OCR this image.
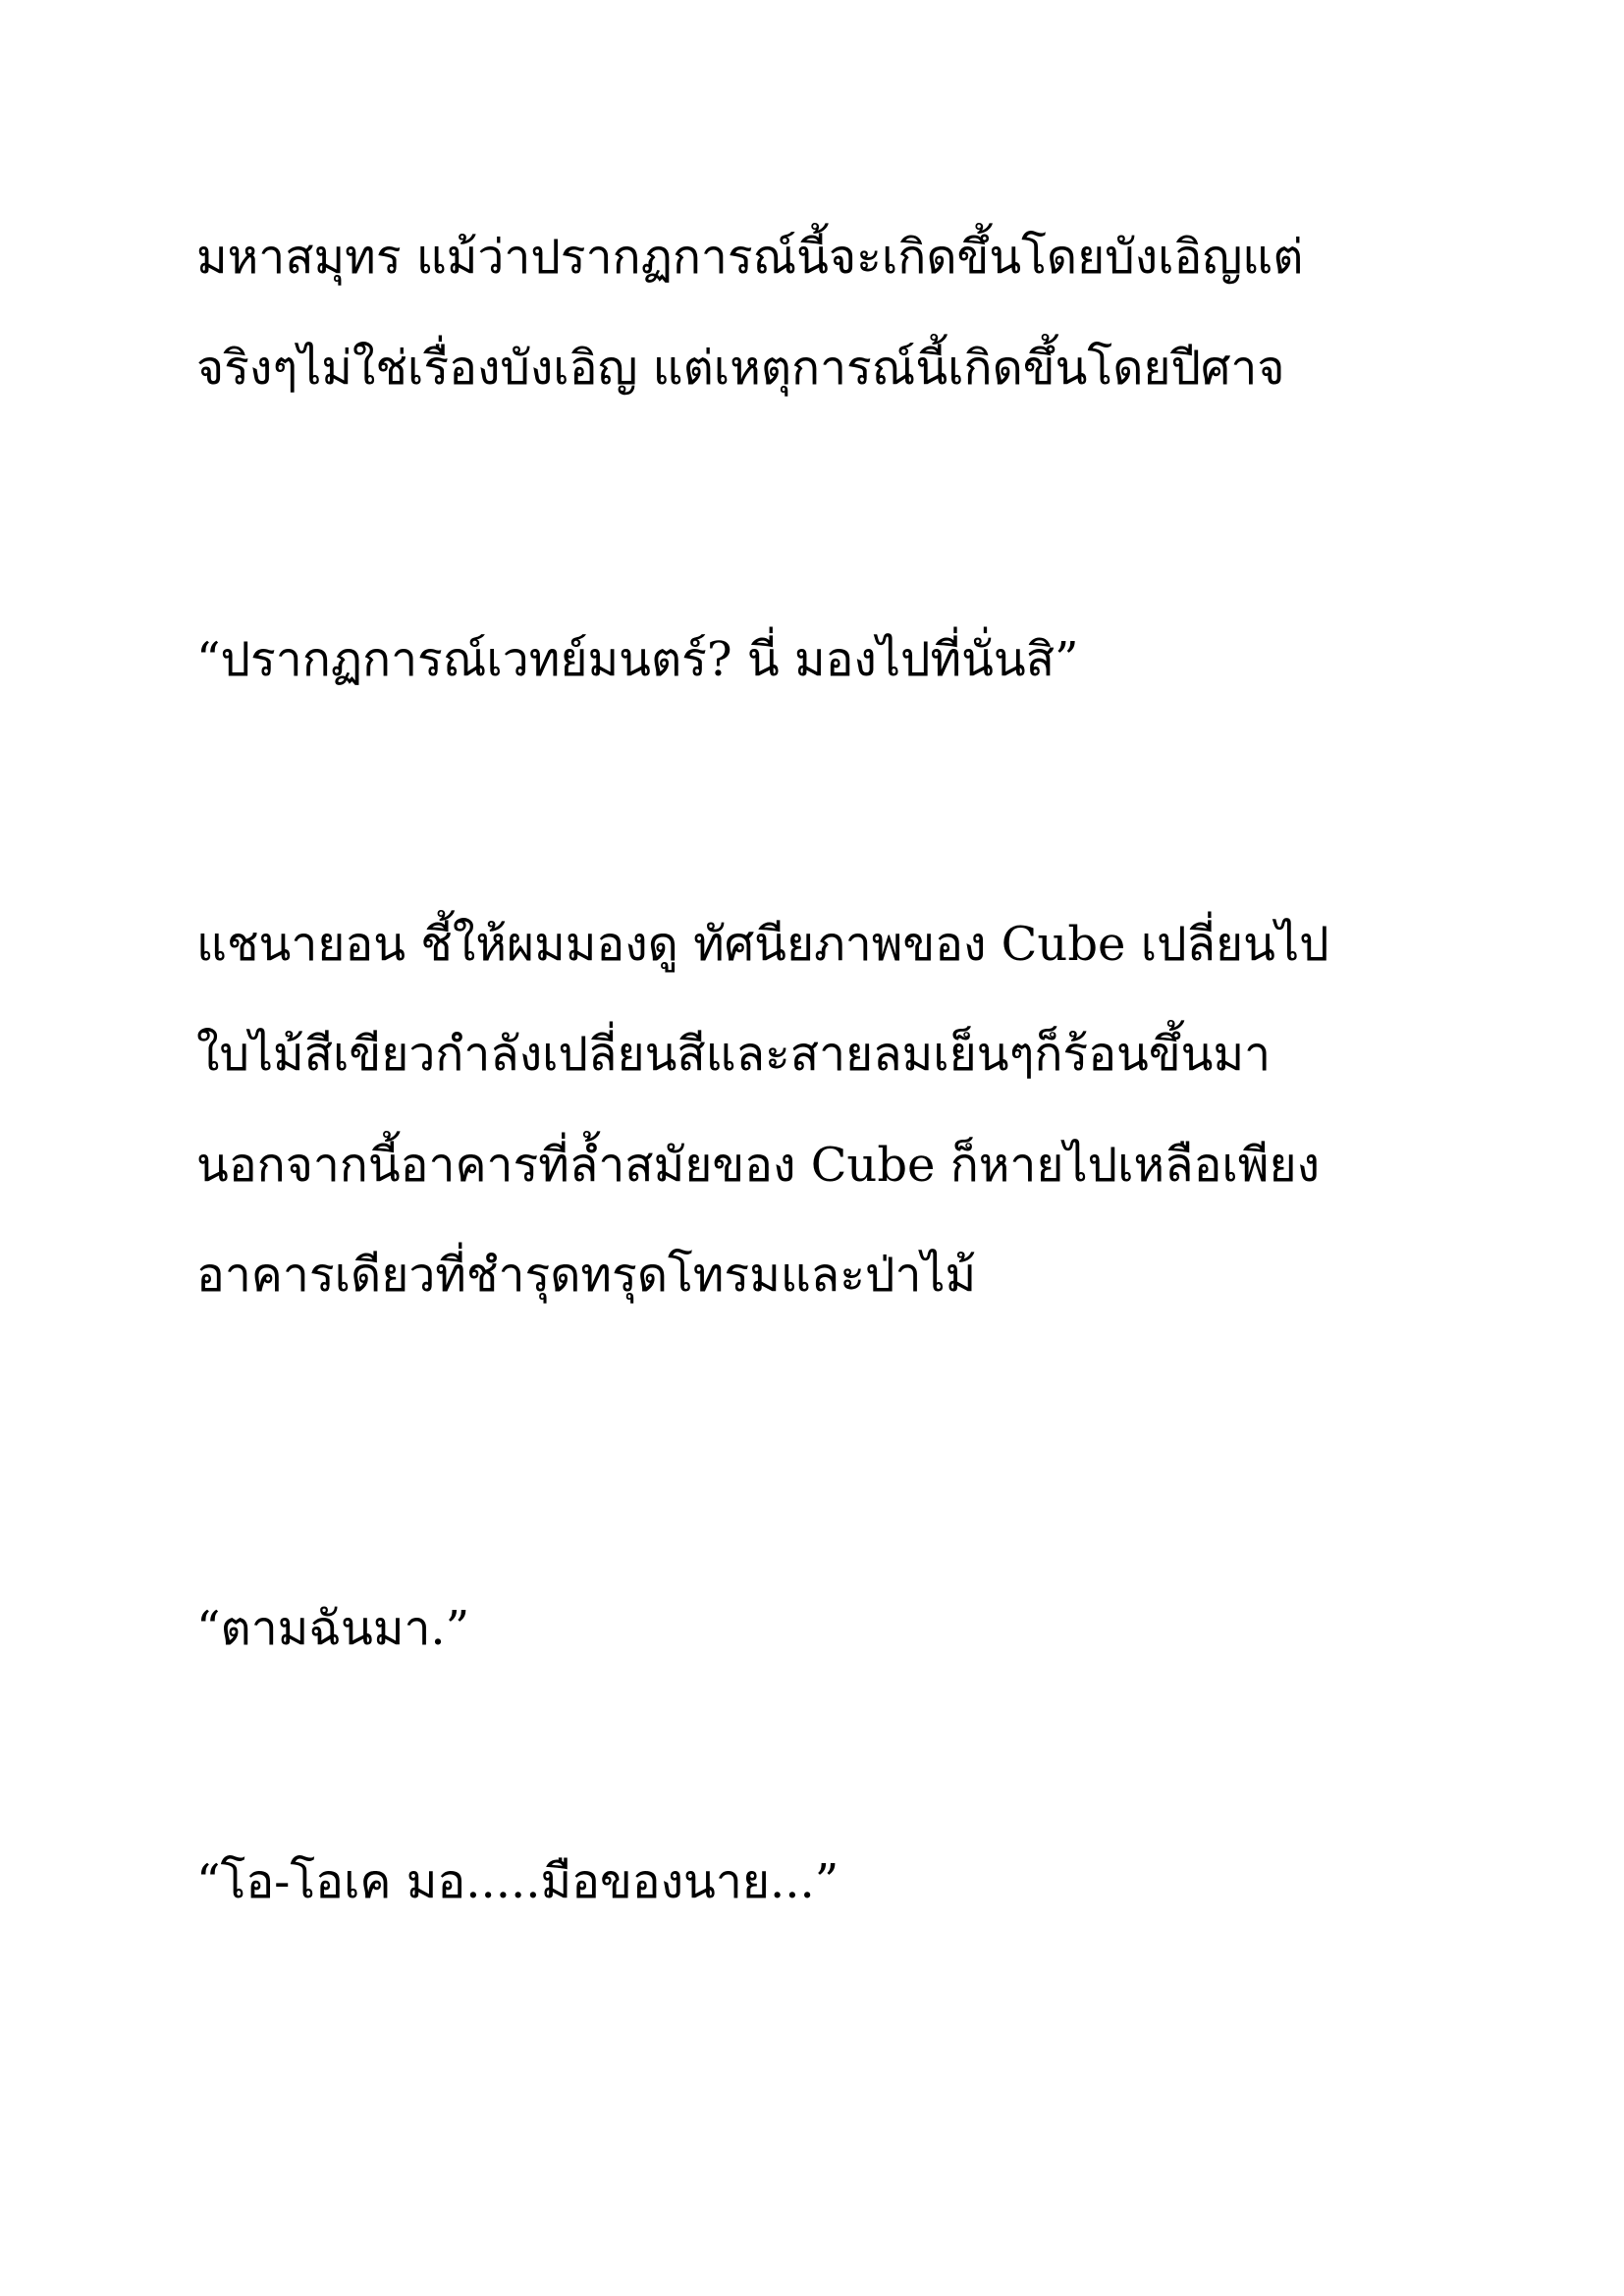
มหาสมุทร แม้ว่าปรากฏการณ์นี้จะเกิดขึ้นโดยบังเอิญแต่
จริงๆไม่ใช่เรื่องบังเอิญ แต่เหตุการณ์นี้เกิดขึ้นโดยปีศาจ
“ปรากฏการณ์เวทย์มนตร์? นี่ มองไปที่นั่นสิ”
แชนายอน ชี้ให้ผมมองดู ทัศนียภาพของ Cube เปลี่ยนไป
ใบไม้สีเขียวกำลังเปลี่ยนสีและสายลมเย็นๆก็ร้อนขึ้นมา
นอกจากนี้อาคารที่ล้ำสมัยของ Cube ก็หายไปเหลือเพียง
อาคารเดียวที่ชำรุดทรุดโทรมและป่าไม้
“ตามฉันมา.”
“โอ-โอเค มอ.....มือของนาย...”
